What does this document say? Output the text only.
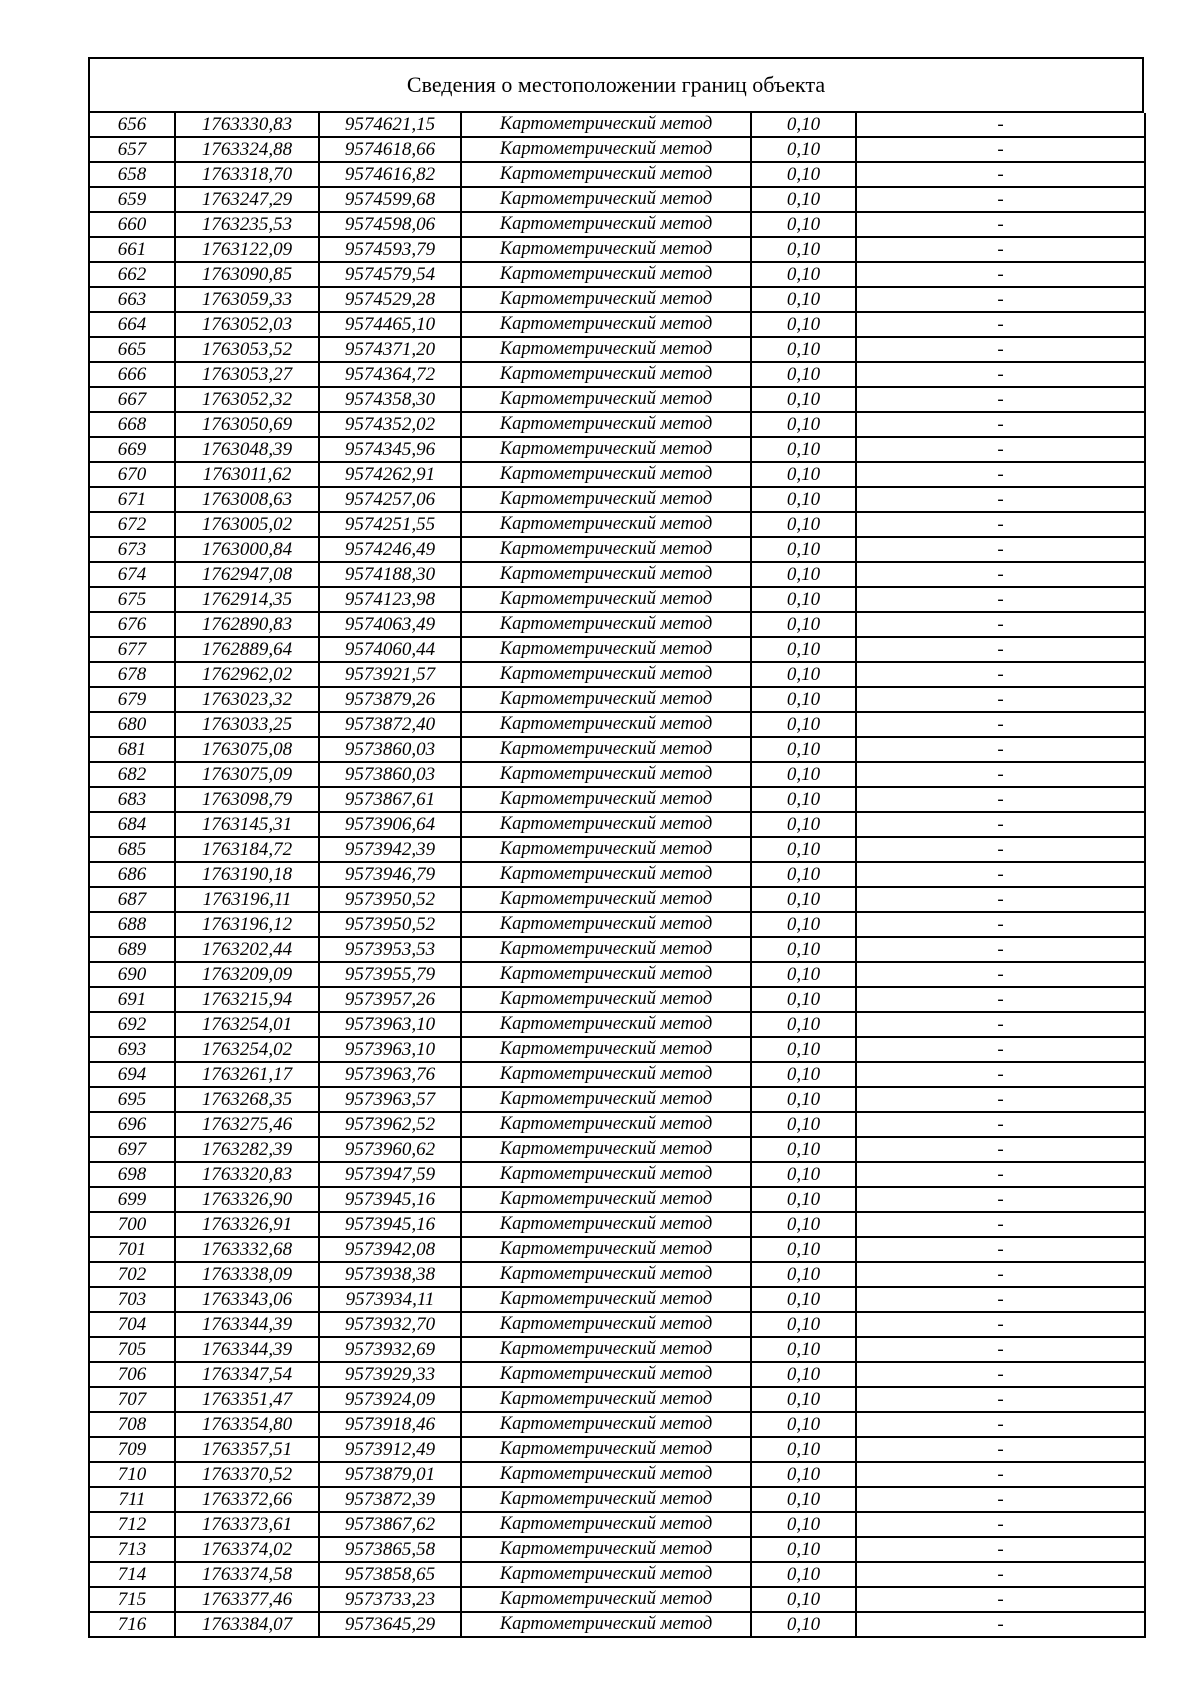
Сведения о местоположении границ объекта
656	1763330,83	9574621,15	Картометрический метод	0,10	-
657	1763324,88	9574618,66	Картометрический метод	0,10	-
658	1763318,70	9574616,82	Картометрический метод	0,10	-
659	1763247,29	9574599,68	Картометрический метод	0,10	-
660	1763235,53	9574598,06	Картометрический метод	0,10	-
661	1763122,09	9574593,79	Картометрический метод	0,10	-
662	1763090,85	9574579,54	Картометрический метод	0,10	-
663	1763059,33	9574529,28	Картометрический метод	0,10	-
664	1763052,03	9574465,10	Картометрический метод	0,10	-
665	1763053,52	9574371,20	Картометрический метод	0,10	-
666	1763053,27	9574364,72	Картометрический метод	0,10	-
667	1763052,32	9574358,30	Картометрический метод	0,10	-
668	1763050,69	9574352,02	Картометрический метод	0,10	-
669	1763048,39	9574345,96	Картометрический метод	0,10	-
670	1763011,62	9574262,91	Картометрический метод	0,10	-
671	1763008,63	9574257,06	Картометрический метод	0,10	-
672	1763005,02	9574251,55	Картометрический метод	0,10	-
673	1763000,84	9574246,49	Картометрический метод	0,10	-
674	1762947,08	9574188,30	Картометрический метод	0,10	-
675	1762914,35	9574123,98	Картометрический метод	0,10	-
676	1762890,83	9574063,49	Картометрический метод	0,10	-
677	1762889,64	9574060,44	Картометрический метод	0,10	-
678	1762962,02	9573921,57	Картометрический метод	0,10	-
679	1763023,32	9573879,26	Картометрический метод	0,10	-
680	1763033,25	9573872,40	Картометрический метод	0,10	-
681	1763075,08	9573860,03	Картометрический метод	0,10	-
682	1763075,09	9573860,03	Картометрический метод	0,10	-
683	1763098,79	9573867,61	Картометрический метод	0,10	-
684	1763145,31	9573906,64	Картометрический метод	0,10	-
685	1763184,72	9573942,39	Картометрический метод	0,10	-
686	1763190,18	9573946,79	Картометрический метод	0,10	-
687	1763196,11	9573950,52	Картометрический метод	0,10	-
688	1763196,12	9573950,52	Картометрический метод	0,10	-
689	1763202,44	9573953,53	Картометрический метод	0,10	-
690	1763209,09	9573955,79	Картометрический метод	0,10	-
691	1763215,94	9573957,26	Картометрический метод	0,10	-
692	1763254,01	9573963,10	Картометрический метод	0,10	-
693	1763254,02	9573963,10	Картометрический метод	0,10	-
694	1763261,17	9573963,76	Картометрический метод	0,10	-
695	1763268,35	9573963,57	Картометрический метод	0,10	-
696	1763275,46	9573962,52	Картометрический метод	0,10	-
697	1763282,39	9573960,62	Картометрический метод	0,10	-
698	1763320,83	9573947,59	Картометрический метод	0,10	-
699	1763326,90	9573945,16	Картометрический метод	0,10	-
700	1763326,91	9573945,16	Картометрический метод	0,10	-
701	1763332,68	9573942,08	Картометрический метод	0,10	-
702	1763338,09	9573938,38	Картометрический метод	0,10	-
703	1763343,06	9573934,11	Картометрический метод	0,10	-
704	1763344,39	9573932,70	Картометрический метод	0,10	-
705	1763344,39	9573932,69	Картометрический метод	0,10	-
706	1763347,54	9573929,33	Картометрический метод	0,10	-
707	1763351,47	9573924,09	Картометрический метод	0,10	-
708	1763354,80	9573918,46	Картометрический метод	0,10	-
709	1763357,51	9573912,49	Картометрический метод	0,10	-
710	1763370,52	9573879,01	Картометрический метод	0,10	-
711	1763372,66	9573872,39	Картометрический метод	0,10	-
712	1763373,61	9573867,62	Картометрический метод	0,10	-
713	1763374,02	9573865,58	Картометрический метод	0,10	-
714	1763374,58	9573858,65	Картометрический метод	0,10	-
715	1763377,46	9573733,23	Картометрический метод	0,10	-
716	1763384,07	9573645,29	Картометрический метод	0,10	-
